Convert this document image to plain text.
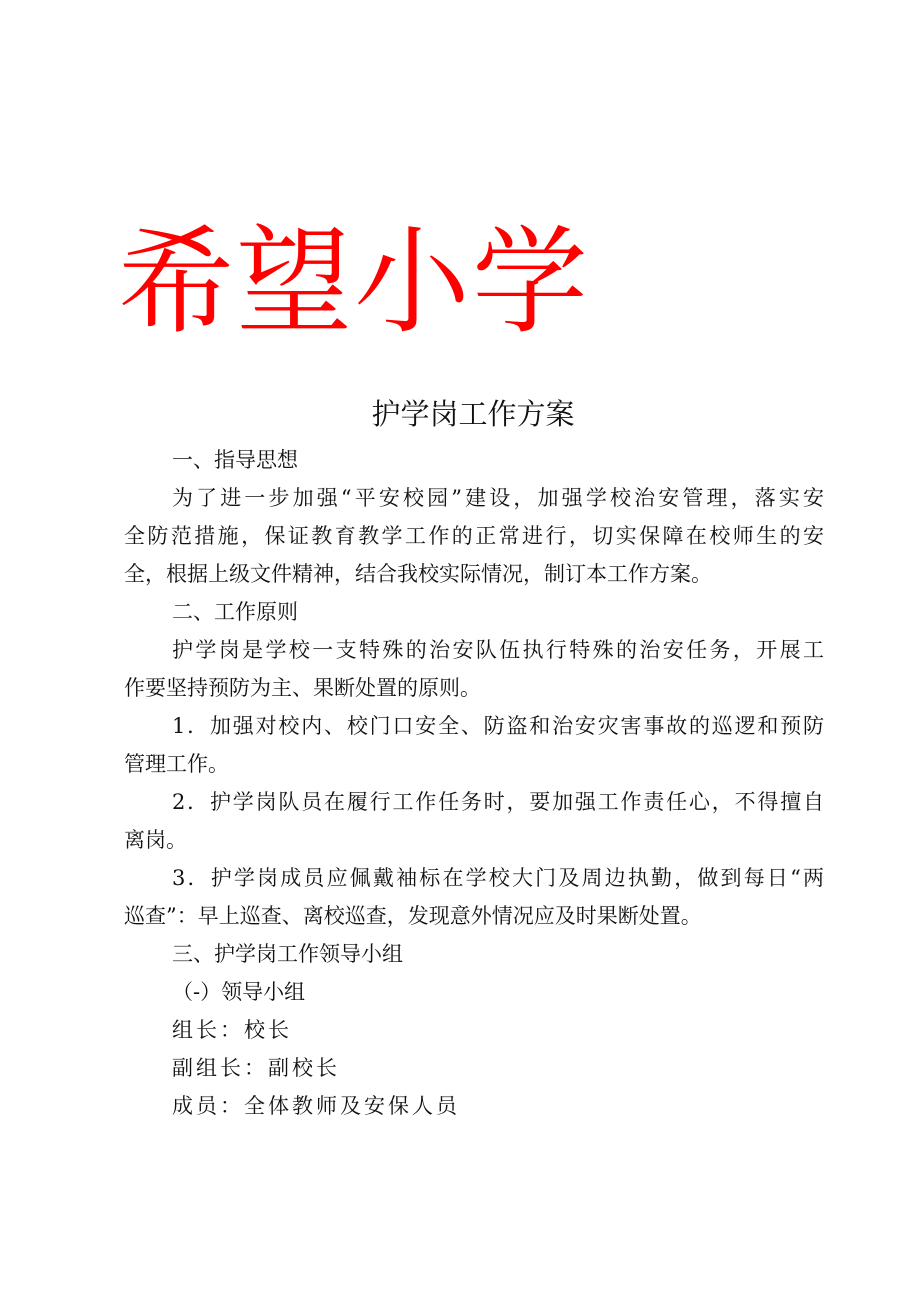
希望小学
护学岗工作方案
一、指导思想
为了进一步加强“平安校园”建设，加强学校治安管理，落实安
全防范措施，保证教育教学工作的正常进行，切实保障在校师生的安
全，根据上级文件精神，结合我校实际情况，制订本工作方案。
二、工作原则
护学岗是学校一支特殊的治安队伍执行特殊的治安任务，开展工
作要坚持预防为主、果断处置的原则。
1．加强对校内、校门口安全、防盗和治安灾害事故的巡逻和预防
管理工作。
2．护学岗队员在履行工作任务时，要加强工作责任心，不得擅自
离岗。
3．护学岗成员应佩戴袖标在学校大门及周边执勤，做到每日“两
巡查”：早上巡查、离校巡查，发现意外情况应及时果断处置。
三、护学岗工作领导小组
（-）领导小组
组长：校长
副组长：副校长
成员：全体教师及安保人员
